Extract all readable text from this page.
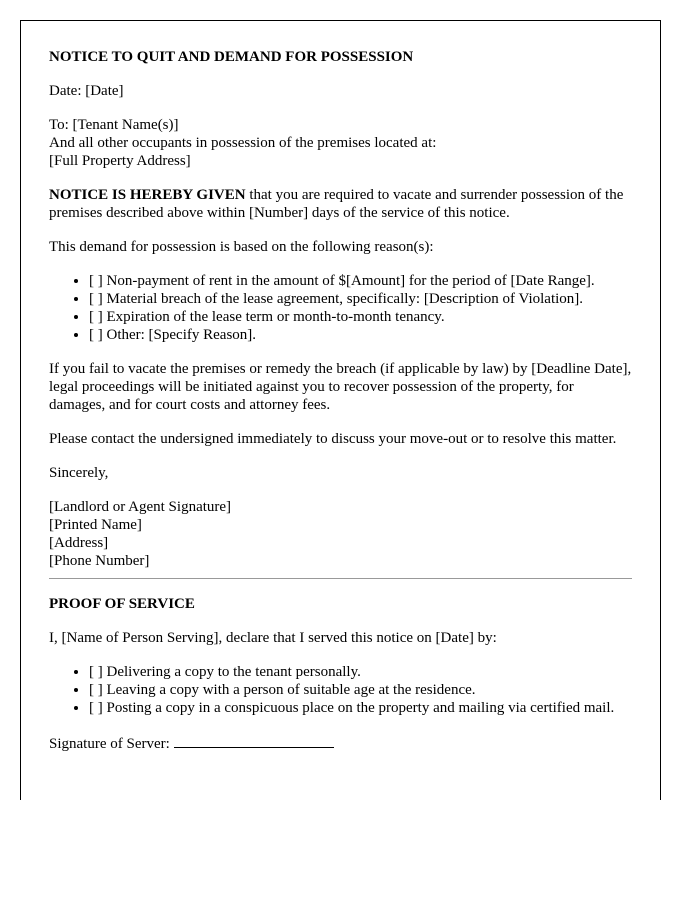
NOTICE TO QUIT AND DEMAND FOR POSSESSION

Date: [Date]

To: [Tenant Name(s)]
And all other occupants in possession of the premises located at:
[Full Property Address]

NOTICE IS HEREBY GIVEN that you are required to vacate and surrender possession of the premises described above within [Number] days of the service of this notice.

This demand for possession is based on the following reason(s):

• [ ] Non-payment of rent in the amount of $[Amount] for the period of [Date Range].
• [ ] Material breach of the lease agreement, specifically: [Description of Violation].
• [ ] Expiration of the lease term or month-to-month tenancy.
• [ ] Other: [Specify Reason].

If you fail to vacate the premises or remedy the breach (if applicable by law) by [Deadline Date], legal proceedings will be initiated against you to recover possession of the property, for damages, and for court costs and attorney fees.

Please contact the undersigned immediately to discuss your move-out or to resolve this matter.

Sincerely,

[Landlord or Agent Signature]
[Printed Name]
[Address]
[Phone Number]

PROOF OF SERVICE

I, [Name of Person Serving], declare that I served this notice on [Date] by:

• [ ] Delivering a copy to the tenant personally.
• [ ] Leaving a copy with a person of suitable age at the residence.
• [ ] Posting a copy in a conspicuous place on the property and mailing via certified mail.

Signature of Server:
